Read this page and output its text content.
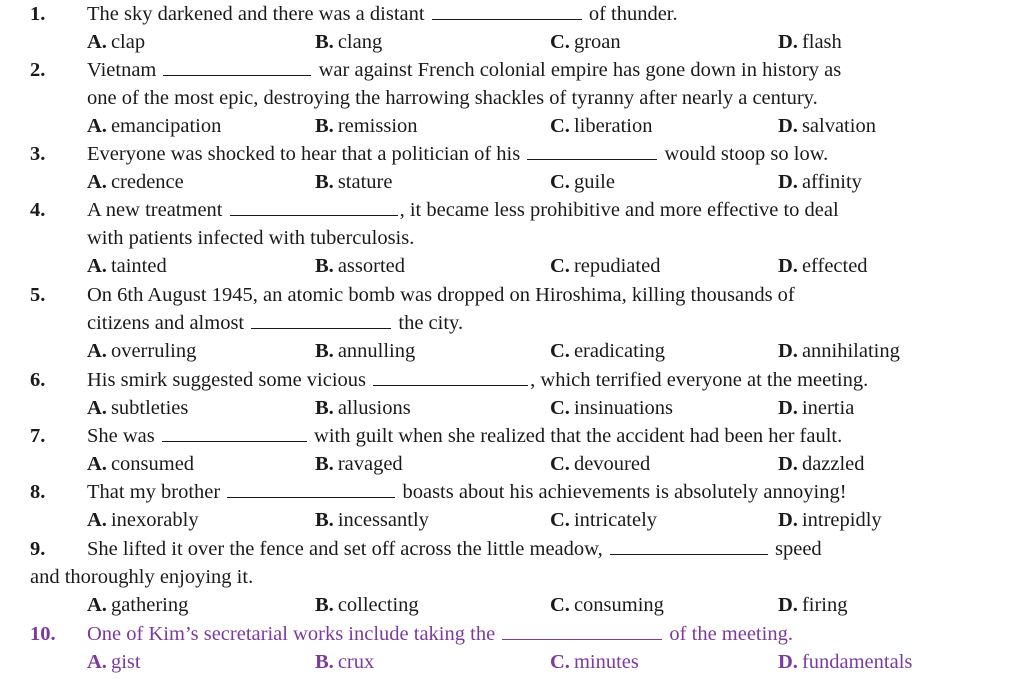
1. The sky darkened and there was a distant	of thunder.
A. clap	B. clang	C. groan	D. flash
2. Vietnam	war against French colonial empire has gone down in history as
one of the most epic, destroying the harrowing shackles of tyranny after nearly a century.
A. emancipation	B. remission	C. liberation	D. salvation
3. Everyone was shocked to hear that a politician of his	would stoop so low.
A. credence	B. stature	C. guile	D. affinity
4. A new treatment	, it became less prohibitive and more effective to deal
with patients infected with tuberculosis.
A. tainted	B. assorted	C. repudiated	D. effected
5. On 6th August 1945, an atomic bomb was dropped on Hiroshima, killing thousands of
citizens and almost	the city.
A. overruling	B. annulling	C. eradicating	D. annihilating
6. His smirk suggested some vicious	, which terrified everyone at the meeting.
A. subtleties	B. allusions	C. insinuations	D. inertia
7. She was	with guilt when she realized that the accident had been her fault.
A. consumed	B. ravaged	C. devoured	D. dazzled
8. That my brother	boasts about his achievements is absolutely annoying!
A. inexorably	B. incessantly	C. intricately	D. intrepidly
9. She lifted it over the fence and set off across the little meadow,	speed
and thoroughly enjoying it.
A. gathering	B. collecting	C. consuming	D. firing
10. One of Kim’s secretarial works include taking the	of the meeting.
A. gist	B. crux	C. minutes	D. fundamentals
